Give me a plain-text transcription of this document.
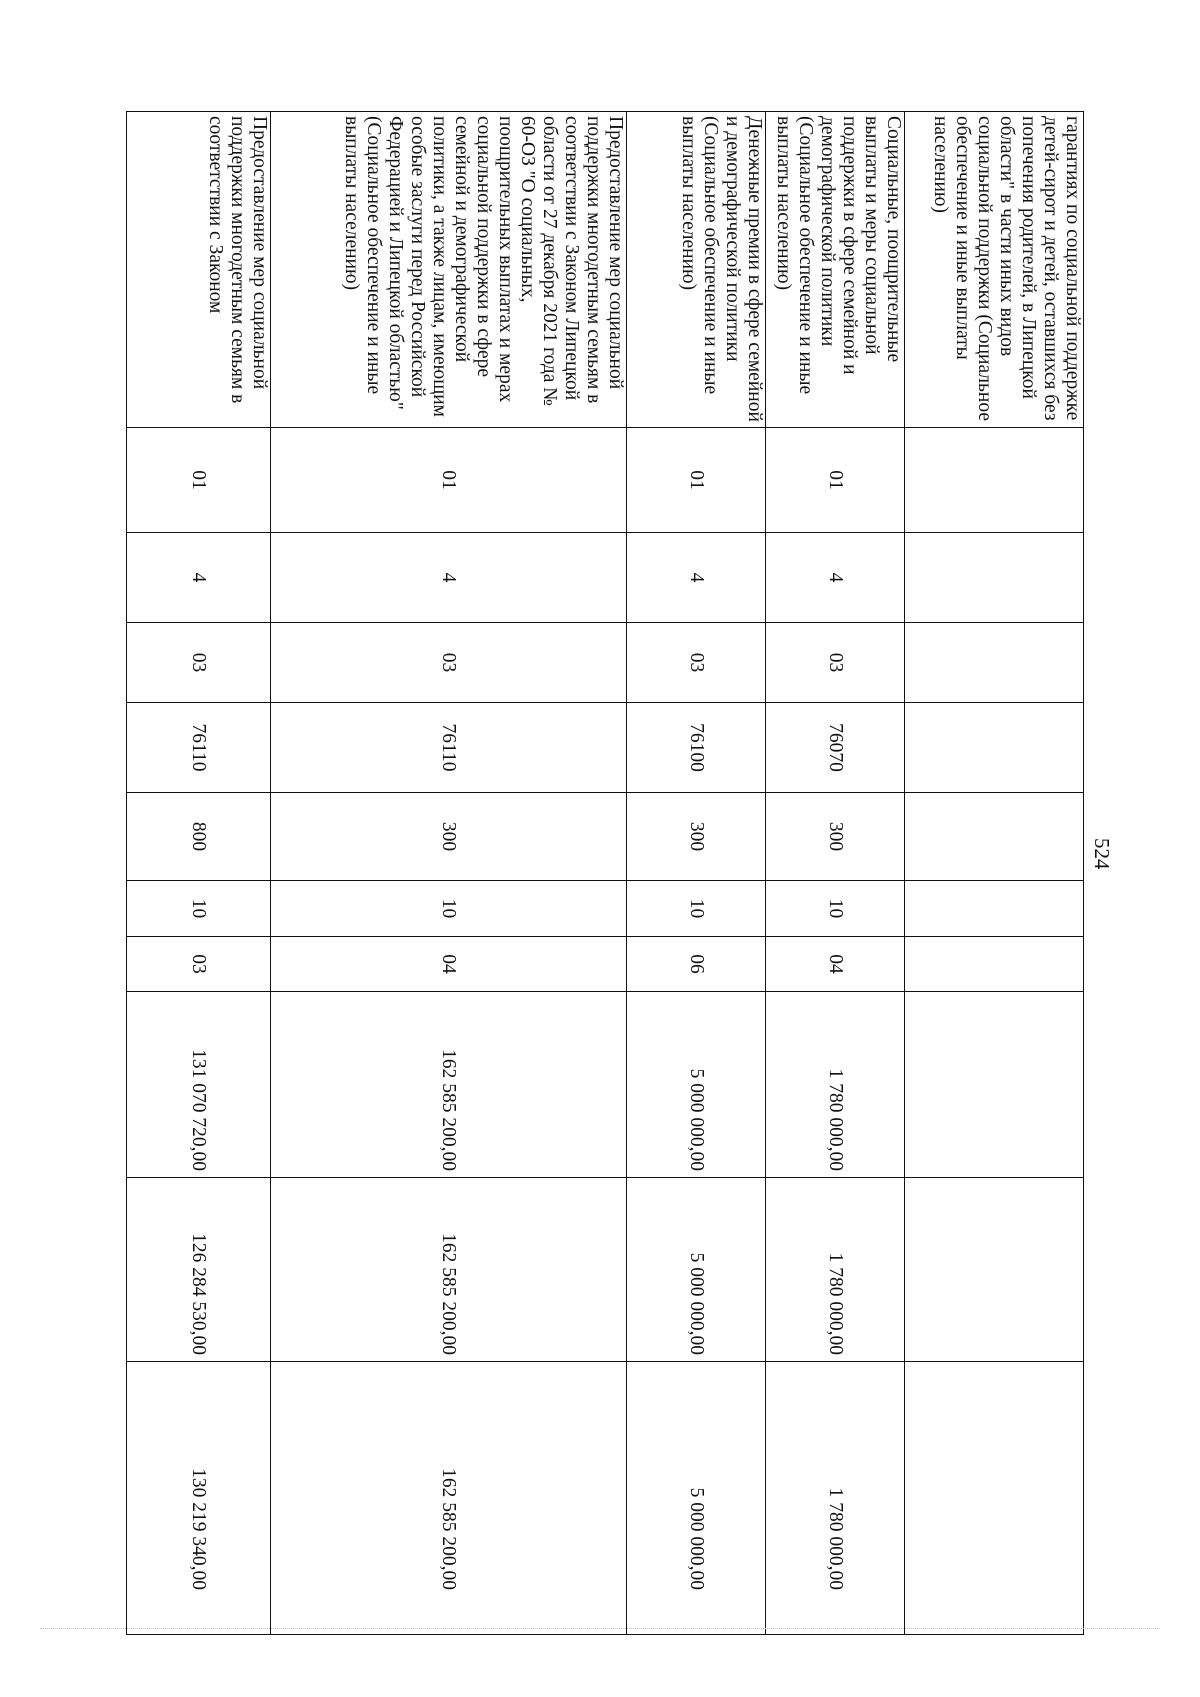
524
гарантиях по социальной поддержке детей-сирот и детей, оставшихся без попечения родителей, в Липецкой области" в части иных видов социальной поддержки (Социальное обеспечение и иные выплаты населению)
Социальные, поощрительные выплаты и меры социальной поддержки в сфере семейной и демографической политики (Социальное обеспечение и иные выплаты населению)
01
4
03
76070
300
10
04
1 780 000,00
1 780 000,00
1 780 000,00
Денежные премии в сфере семейной и демографической политики (Социальное обеспечение и иные выплаты населению)
01
4
03
76100
300
10
06
5 000 000,00
5 000 000,00
5 000 000,00
Предоставление мер социальной поддержки многодетным семьям в соответствии с Законом Липецкой области от 27 декабря 2021 года № 60-ОЗ "О социальных, поощрительных выплатах и мерах социальной поддержки в сфере семейной и демографической политики, а также лицам, имеющим особые заслуги перед Российской Федерацией и Липецкой областью" (Социальное обеспечение и иные выплаты населению)
01
4
03
76110
300
10
04
162 585 200,00
162 585 200,00
162 585 200,00
Предоставление мер социальной поддержки многодетным семьям в соответствии с Законом
01
4
03
76110
800
10
03
131 070 720,00
126 284 530,00
130 219 340,00
